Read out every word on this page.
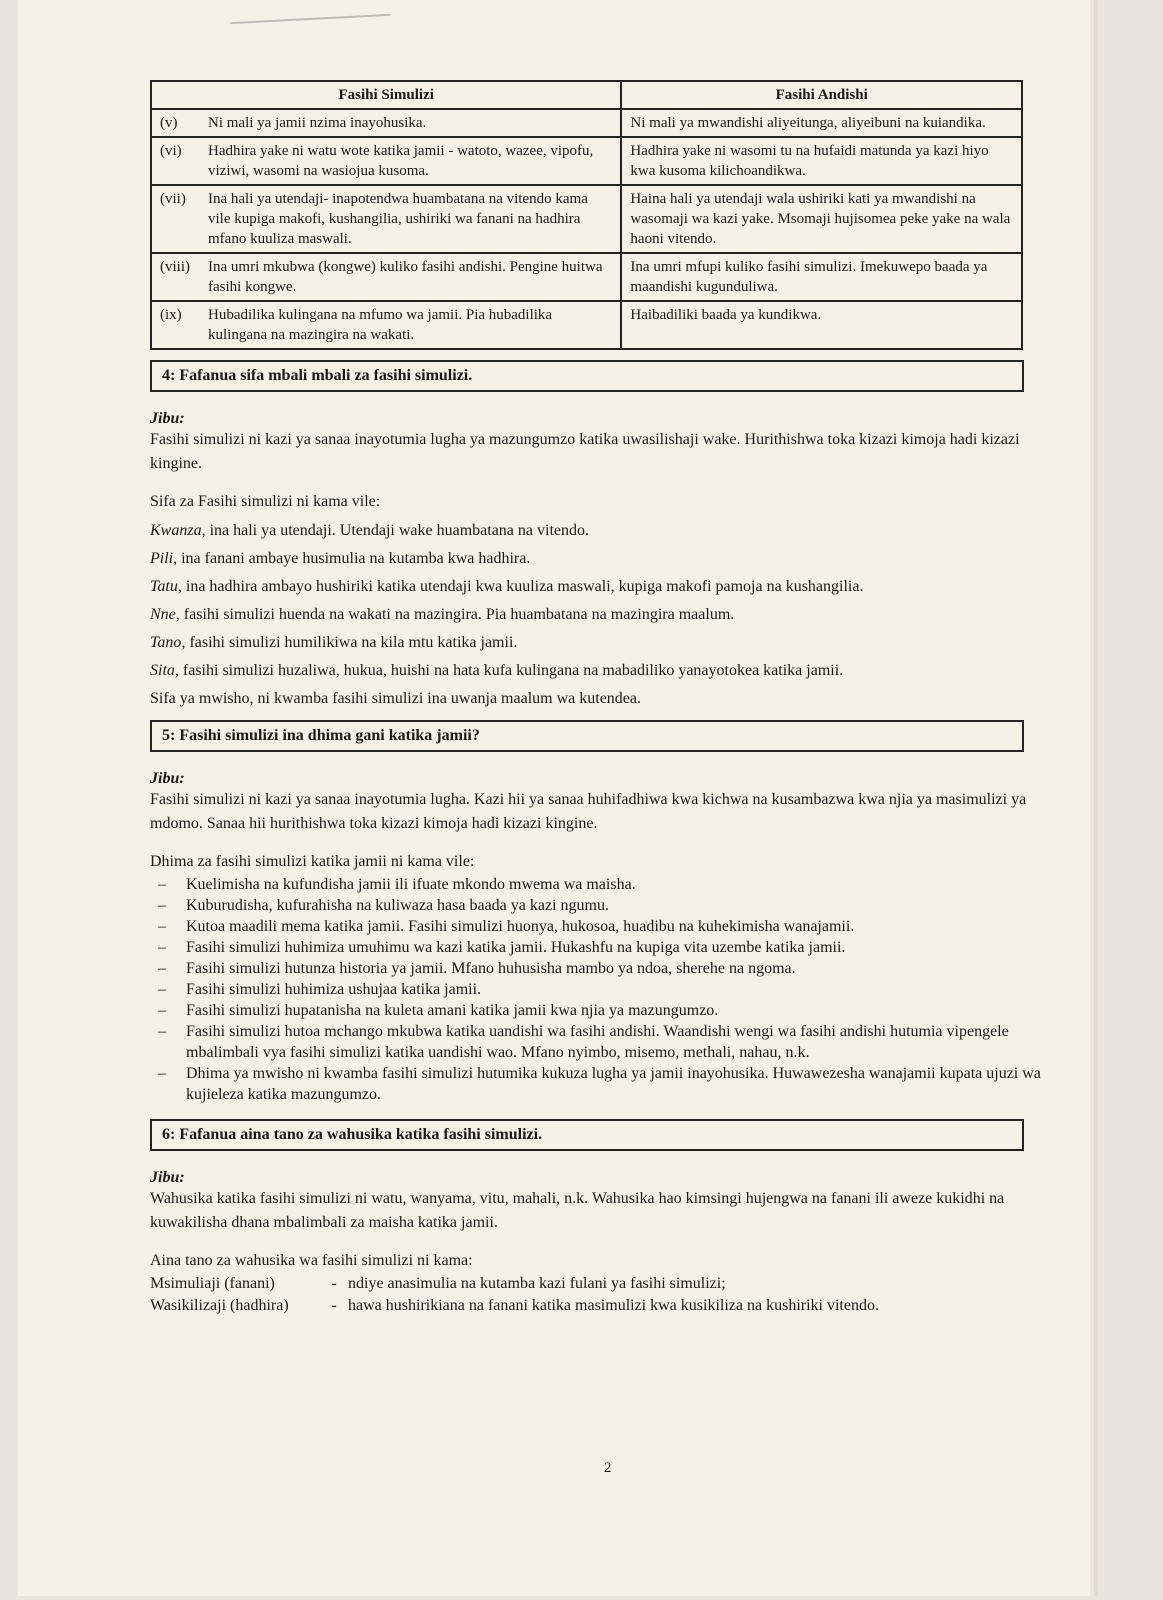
Fasihi Simulizi	Fasihi Andishi

(v) Ni mali ya jamii nzima inayohusika.	Ni mali ya mwandishi aliyeitunga, aliyeibuni na kuiandika.

(vi) Hadhira yake ni watu wote katika jamii - watoto, wazee, vipofu, viziwi, wasomi na wasiojua kusoma.	Hadhira yake ni wasomi tu na hufaidi matunda ya kazi hiyo kwa kusoma kilichoandikwa.

(vii) Ina hali ya utendaji- inapotendwa huambatana na vitendo kama vile kupiga makofi, kushangilia, ushiriki wa fanani na hadhira mfano kuuliza maswali.	Haina hali ya utendaji wala ushiriki kati ya mwandishi na wasomaji wa kazi yake. Msomaji hujisomea peke yake na wala haoni vitendo.

(viii) Ina umri mkubwa (kongwe) kuliko fasihi andishi. Pengine huitwa fasihi kongwe.	Ina umri mfupi kuliko fasihi simulizi. Imekuwepo baada ya maandishi kugunduliwa.

(ix) Hubadilika kulingana na mfumo wa jamii. Pia hubadilika kulingana na mazingira na wakati.	Haibadiliki baada ya kundikwa.
4: Fafanua sifa mbali mbali za fasihi simulizi.
Jibu:

Fasihi simulizi ni kazi ya sanaa inayotumia lugha ya mazungumzo katika uwasilishaji wake. Hurithishwa toka kizazi kimoja hadi kizazi kingine.

Sifa za Fasihi simulizi ni kama vile:

Kwanza, ina hali ya utendaji. Utendaji wake huambatana na vitendo.

Pili, ina fanani ambaye husimulia na kutamba kwa hadhira.

Tatu, ina hadhira ambayo hushiriki katika utendaji kwa kuuliza maswali, kupiga makofi pamoja na kushangilia.

Nne, fasihi simulizi huenda na wakati na mazingira. Pia huambatana na mazingira maalum.

Tano, fasihi simulizi humilikiwa na kila mtu katika jamii.

Sita, fasihi simulizi huzaliwa, hukua, huishi na hata kufa kulingana na mabadiliko yanayotokea katika jamii.

Sifa ya mwisho, ni kwamba fasihi simulizi ina uwanja maalum wa kutendea.

5: Fasihi simulizi ina dhima gani katika jamii?
Jibu:

Fasihi simulizi ni kazi ya sanaa inayotumia lugha. Kazi hii ya sanaa huhifadhiwa kwa kichwa na kusambazwa kwa njia ya masimulizi ya mdomo. Sanaa hii hurithishwa toka kizazi kimoja hadi kizazi kingine.

Dhima za fasihi simulizi katika jamii ni kama vile:

– Kuelimisha na kufundisha jamii ili ifuate mkondo mwema wa maisha.
– Kuburudisha, kufurahisha na kuliwaza hasa baada ya kazi ngumu.
– Kutoa maadili mema katika jamii. Fasihi simulizi huonya, hukosoa, huadibu na kuhekimisha wanajamii.
– Fasihi simulizi huhimiza umuhimu wa kazi katika jamii. Hukashfu na kupiga vita uzembe katika jamii.
– Fasihi simulizi hutunza historia ya jamii. Mfano huhusisha mambo ya ndoa, sherehe na ngoma.
– Fasihi simulizi huhimiza ushujaa katika jamii.
– Fasihi simulizi hupatanisha na kuleta amani katika jamii kwa njia ya mazungumzo.
– Fasihi simulizi hutoa mchango mkubwa katika uandishi wa fasihi andishi. Waandishi wengi wa fasihi andishi hutumia vipengele mbalimbali vya fasihi simulizi katika uandishi wao. Mfano nyimbo, misemo, methali, nahau, n.k.
– Dhima ya mwisho ni kwamba fasihi simulizi hutumika kukuza lugha ya jamii inayohusika. Huwawezesha wanajamii kupata ujuzi wa kujieleza katika mazungumzo.
6: Fafanua aina tano za wahusika katika fasihi simulizi.
Jibu:

Wahusika katika fasihi simulizi ni watu, wanyama, vitu, mahali, n.k. Wahusika hao kimsingi hujengwa na fanani ili aweze kukidhi na kuwakilisha dhana mbalimbali za maisha katika jamii.

Aina tano za wahusika wa fasihi simulizi ni kama:

Msimuliaji (fanani)	- ndiye anasimulia na kutamba kazi fulani ya fasihi simulizi;
Wasikilizaji (hadhira)	- hawa hushirikiana na fanani katika masimulizi kwa kusikiliza na kushiriki vitendo.
2
